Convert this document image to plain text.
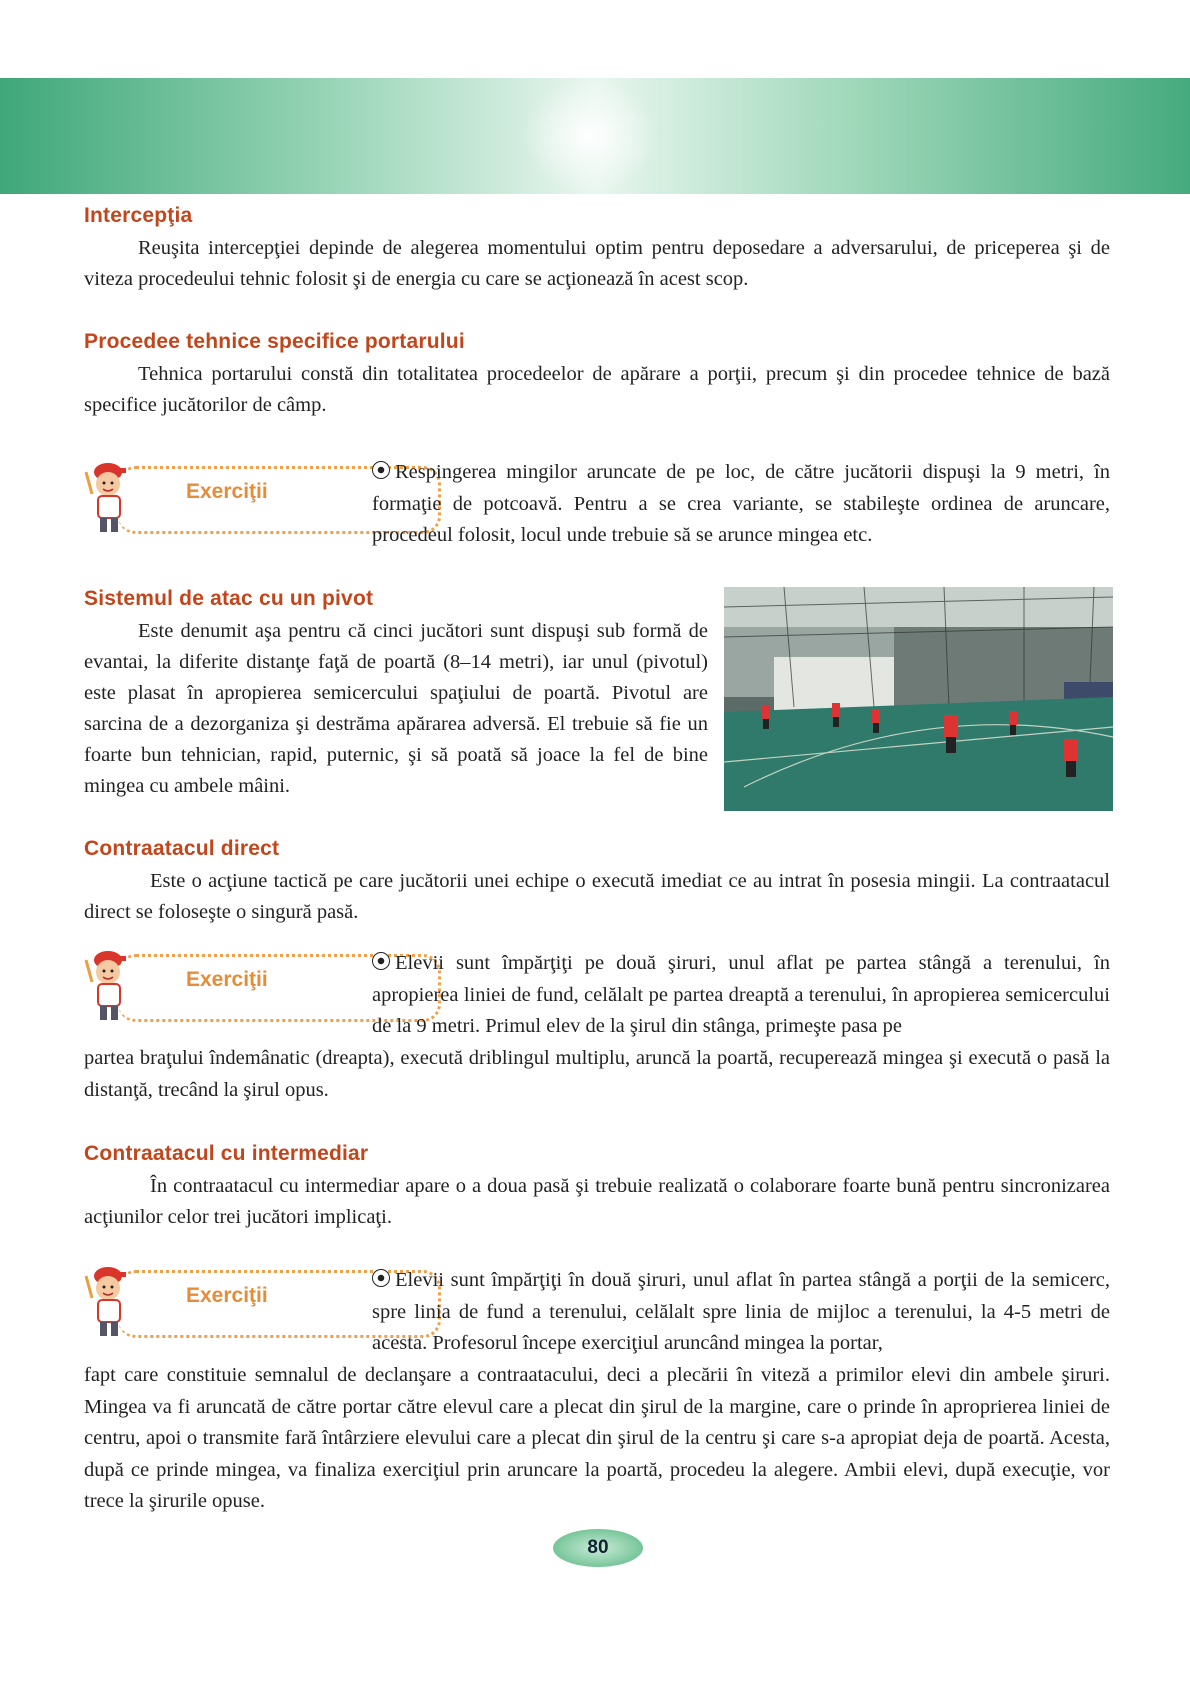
Intercepţia

Reuşita intercepţiei depinde de alegerea momentului optim pentru deposedare a adversarului, de priceperea şi de viteza procedeului tehnic folosit şi de energia cu care se acţionează în acest scop.

Procedee tehnice specifice portarului

Tehnica portarului constă din totalitatea procedeelor de apărare a porţii, precum şi din procedee tehnice de bază specifice jucătorilor de câmp.

Exerciţii

Respingerea mingilor aruncate de pe loc, de către jucătorii dispuşi la 9 metri, în formaţie de potcoavă. Pentru a se crea variante, se stabileşte ordinea de aruncare, procedeul folosit, locul unde trebuie să se arunce mingea etc.

Sistemul de atac cu un pivot

Este denumit aşa pentru că cinci jucători sunt dispuşi sub formă de evantai, la diferite distanţe faţă de poartă (8–14 metri), iar unul (pivotul) este plasat în apropierea semicercului spaţiului de poartă. Pivotul are sarcina de a dezorganiza şi destrăma apărarea adversă. El trebuie să fie un foarte bun tehnician, rapid, puternic, şi să poată să joace la fel de bine mingea cu ambele mâini.

Contraatacul direct

Este o acţiune tactică pe care jucătorii unei echipe o execută imediat ce au intrat în posesia mingii. La contraatacul direct se foloseşte o singură pasă.

Exerciţii

Elevii sunt împărţiţi pe două şiruri, unul aflat pe partea stângă a terenului, în apropierea liniei de fund, celălalt pe partea dreaptă a terenului, în apropierea semicercului de la 9 metri. Primul elev de la şirul din stânga, primeşte pasa pe

partea braţului îndemânatic (dreapta), execută driblingul multiplu, aruncă la poartă, recuperează mingea şi execută o pasă la distanţă, trecând la şirul opus.

Contraatacul cu intermediar

În contraatacul cu intermediar apare o a doua pasă şi trebuie realizată o colaborare foarte bună pentru sincronizarea acţiunilor celor trei jucători implicaţi.

Exerciţii

Elevii sunt împărţiţi în două şiruri, unul aflat în partea stângă a porţii de la semicerc, spre linia de fund a terenului, celălalt spre linia de mijloc a terenului, la 4-5 metri de acesta. Profesorul începe exerciţiul aruncând mingea la portar,

fapt care constituie semnalul de declanşare a contraatacului, deci a plecării în viteză a primilor elevi din ambele şiruri. Mingea va fi aruncată de către portar către elevul care a plecat din şirul de la margine, care o prinde în aproprierea liniei de centru, apoi o transmite fară întârziere elevului care a plecat din şirul de la centru şi care s-a apropiat deja de poartă. Acesta, după ce prinde mingea, va finaliza exerciţiul prin aruncare la poartă, procedeu la alegere. Ambii elevi, după execuţie, vor trece la şirurile opuse.

80
